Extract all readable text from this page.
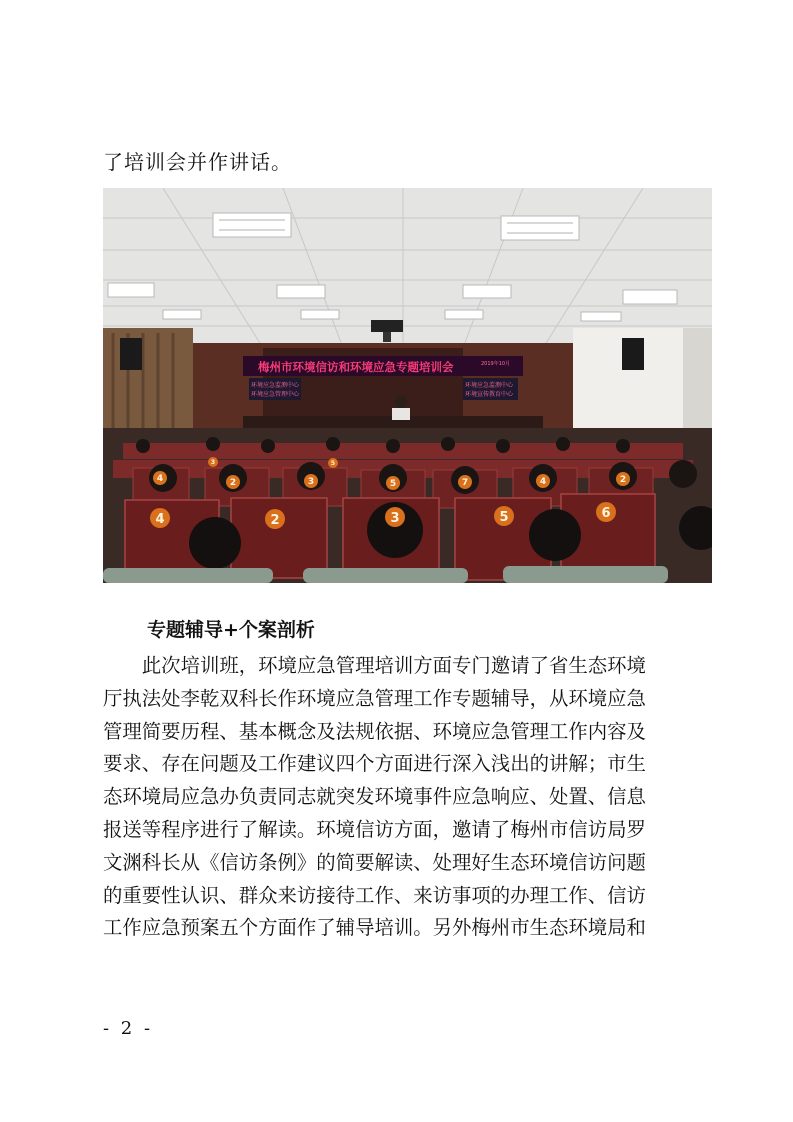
了培训会并作讲话。

梅州市环境信访和环境应急专题培训会	2019年10月
环境应急监测中心
环境应急管理中心
环境应急监测中心
环境宣传教育中心
4	2	3	5	6
4	2	3	5	7	4	2
3	5
专题辅导+个案剖析

此次培训班，环境应急管理培训方面专门邀请了省生态环境
厅执法处李乾双科长作环境应急管理工作专题辅导，从环境应急
管理简要历程、基本概念及法规依据、环境应急管理工作内容及
要求、存在问题及工作建议四个方面进行深入浅出的讲解；市生
态环境局应急办负责同志就突发环境事件应急响应、处置、信息
报送等程序进行了解读。环境信访方面，邀请了梅州市信访局罗
文渊科长从《信访条例》的简要解读、处理好生态环境信访问题
的重要性认识、群众来访接待工作、来访事项的办理工作、信访
工作应急预案五个方面作了辅导培训。另外梅州市生态环境局和

- 2 -
